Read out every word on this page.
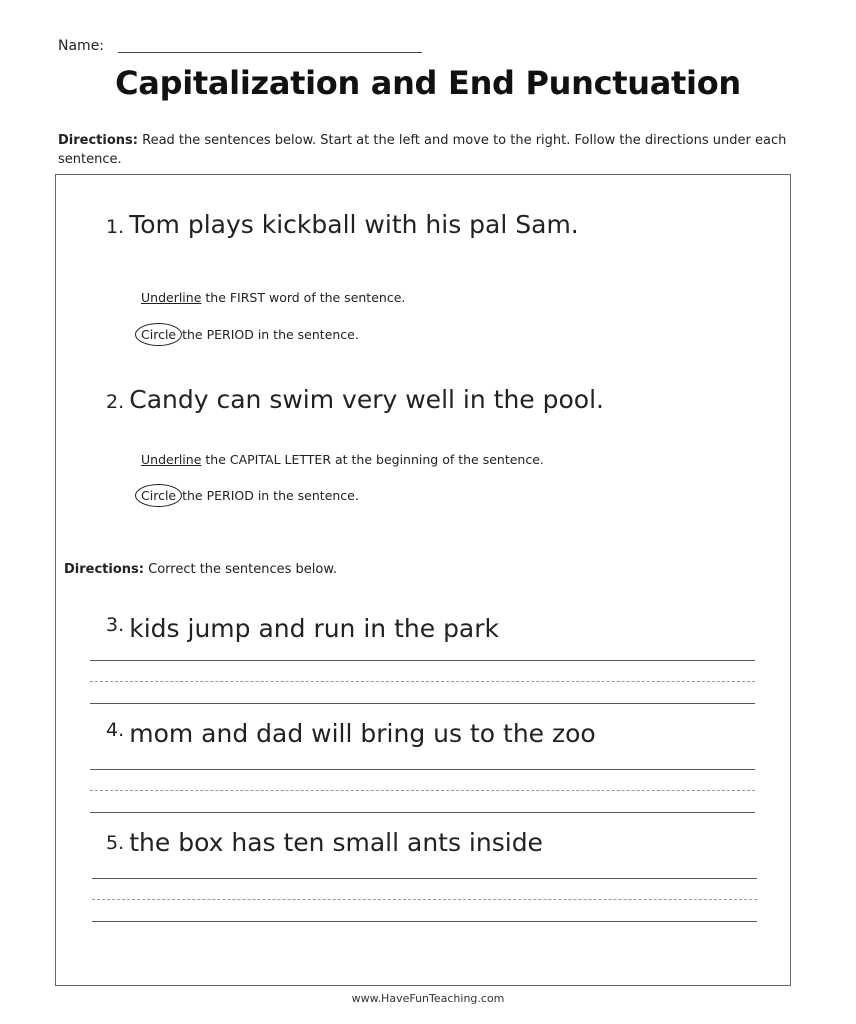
Name:
Capitalization and End Punctuation
Directions: Read the sentences below. Start at the left and move to the right. Follow the directions under each sentence.
1. Tom plays kickball with his pal Sam.
Underline the FIRST word of the sentence.
Circle the PERIOD in the sentence.
2. Candy can swim very well in the pool.
Underline the CAPITAL LETTER at the beginning of the sentence.
Circle the PERIOD in the sentence.
Directions: Correct the sentences below.
3. kids jump and run in the park
4. mom and dad will bring us to the zoo
5. the box has ten small ants inside
www.HaveFunTeaching.com
